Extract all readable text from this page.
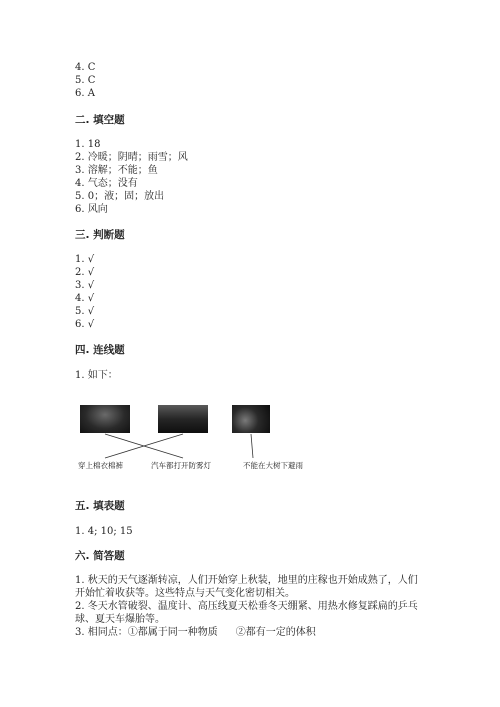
4. C
5. C
6. A
二. 填空题
1. 18
2. 冷暖；阴晴；雨雪；风
3. 溶解；不能；鱼
4. 气态；没有
5. 0；液；固；放出
6. 风向
三. 判断题
1. √
2. √
3. √
4. √
5. √
6. √
四. 连线题
1. 如下：
穿上棉衣棉裤	汽车都打开防雾灯	不能在大树下避雨
五. 填表题
1. 4; 10; 15
六. 简答题
1. 秋天的天气逐渐转凉，人们开始穿上秋装，地里的庄稼也开始成熟了，人们
开始忙着收获等。这些特点与天气变化密切相关。
2. 冬天水管破裂、温度计、高压线夏天松垂冬天绷紧、用热水修复踩扁的乒乓
球、夏天车爆胎等。
3. 相同点：①都属于同一种物质 ②都有一定的体积
